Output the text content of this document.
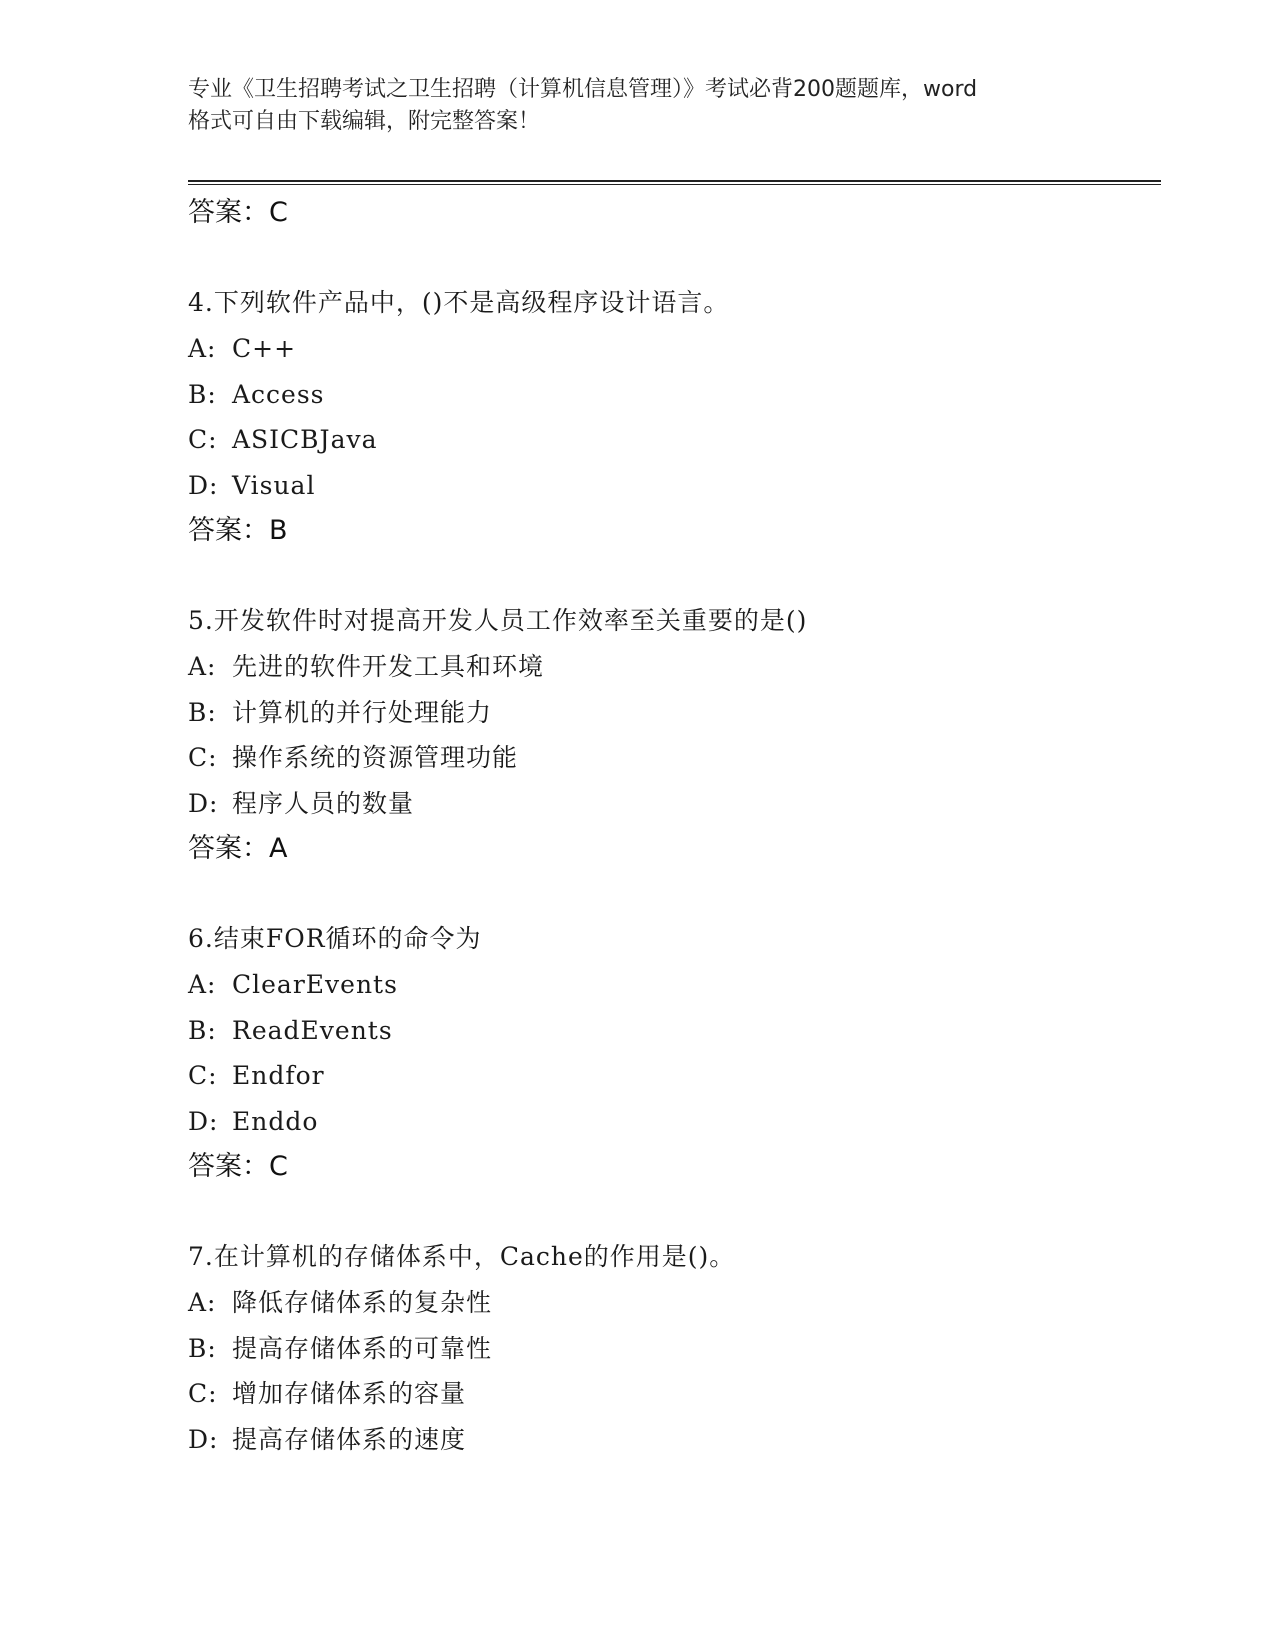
专业《卫生招聘考试之卫生招聘（计算机信息管理）》考试必背200题题库，word
格式可自由下载编辑，附完整答案！
答案：C
4.下列软件产品中，()不是高级程序设计语言。
A: C++
B: Access
C: ASICBJava
D: Visual
答案：B
5.开发软件时对提高开发人员工作效率至关重要的是()
A: 先进的软件开发工具和环境
B: 计算机的并行处理能力
C: 操作系统的资源管理功能
D: 程序人员的数量
答案：A
6.结束FOR循环的命令为
A: ClearEvents
B: ReadEvents
C: Endfor
D: Enddo
答案：C
7.在计算机的存储体系中，Cache的作用是()。
A: 降低存储体系的复杂性
B: 提高存储体系的可靠性
C: 增加存储体系的容量
D: 提高存储体系的速度
